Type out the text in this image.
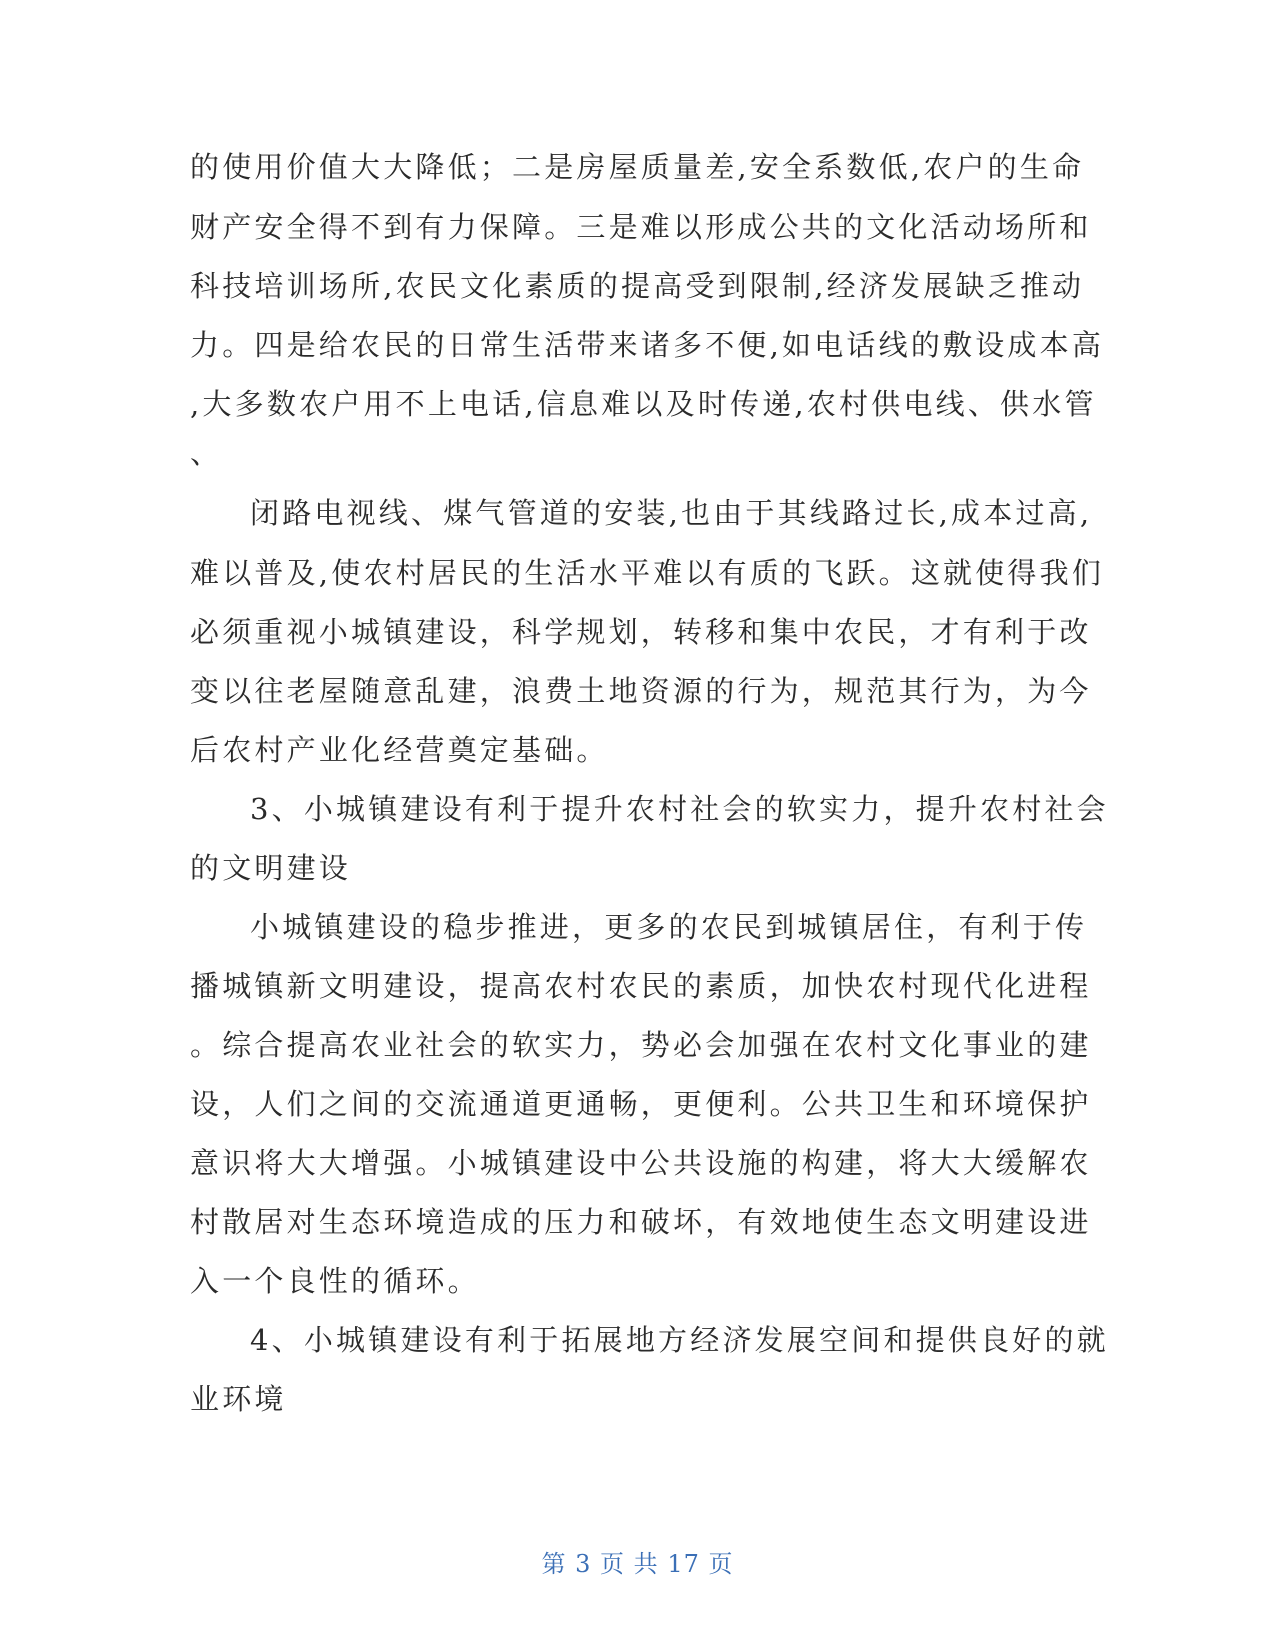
的使用价值大大降低；二是房屋质量差,安全系数低,农户的生命
财产安全得不到有力保障。三是难以形成公共的文化活动场所和
科技培训场所,农民文化素质的提高受到限制,经济发展缺乏推动
力。四是给农民的日常生活带来诸多不便,如电话线的敷设成本高
,大多数农户用不上电话,信息难以及时传递,农村供电线、供水管
、
闭路电视线、煤气管道的安装,也由于其线路过长,成本过高,
难以普及,使农村居民的生活水平难以有质的飞跃。这就使得我们
必须重视小城镇建设，科学规划，转移和集中农民，才有利于改
变以往老屋随意乱建，浪费土地资源的行为，规范其行为，为今
后农村产业化经营奠定基础。
3、小城镇建设有利于提升农村社会的软实力，提升农村社会
的文明建设
小城镇建设的稳步推进，更多的农民到城镇居住，有利于传
播城镇新文明建设，提高农村农民的素质，加快农村现代化进程
。综合提高农业社会的软实力，势必会加强在农村文化事业的建
设，人们之间的交流通道更通畅，更便利。公共卫生和环境保护
意识将大大增强。小城镇建设中公共设施的构建，将大大缓解农
村散居对生态环境造成的压力和破坏，有效地使生态文明建设进
入一个良性的循环。
4、小城镇建设有利于拓展地方经济发展空间和提供良好的就
业环境
第 3 页 共 17 页
